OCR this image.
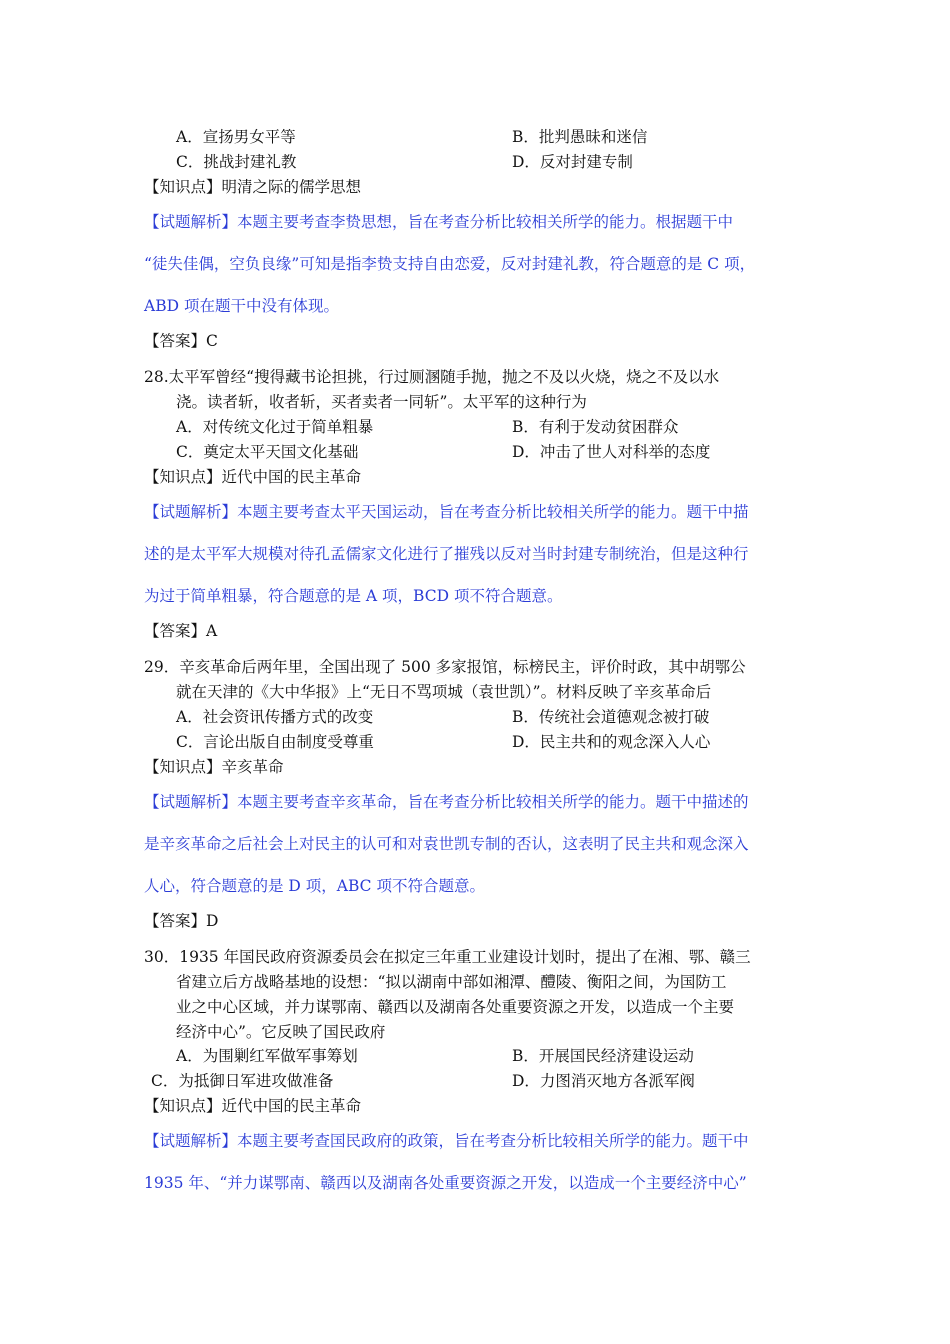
A．宣扬男女平等	B．批判愚昧和迷信
C．挑战封建礼教	D．反对封建专制
【知识点】明清之际的儒学思想
【试题解析】本题主要考查李贽思想，旨在考查分析比较相关所学的能力。根据题干中
“徒失佳偶，空负良缘”可知是指李贽支持自由恋爱，反对封建礼教，符合题意的是 C 项，
ABD 项在题干中没有体现。
【答案】C
28.太平军曾经“搜得藏书论担挑，行过厕溷随手抛，抛之不及以火烧，烧之不及以水
浇。读者斩，收者斩，买者卖者一同斩”。太平军的这种行为
A．对传统文化过于简单粗暴	B．有利于发动贫困群众
C．奠定太平天国文化基础	D．冲击了世人对科举的态度
【知识点】近代中国的民主革命
【试题解析】本题主要考查太平天国运动，旨在考查分析比较相关所学的能力。题干中描
述的是太平军大规模对待孔孟儒家文化进行了摧残以反对当时封建专制统治，但是这种行
为过于简单粗暴，符合题意的是 A 项，BCD 项不符合题意。
【答案】A
29．辛亥革命后两年里，全国出现了 500 多家报馆，标榜民主，评价时政，其中胡鄂公
就在天津的《大中华报》上“无日不骂项城（袁世凯）”。材料反映了辛亥革命后
A．社会资讯传播方式的改变	B．传统社会道德观念被打破
C．言论出版自由制度受尊重	D．民主共和的观念深入人心
【知识点】辛亥革命
【试题解析】本题主要考查辛亥革命，旨在考查分析比较相关所学的能力。题干中描述的
是辛亥革命之后社会上对民主的认可和对袁世凯专制的否认，这表明了民主共和观念深入
人心，符合题意的是 D 项，ABC 项不符合题意。
【答案】D
30．1935 年国民政府资源委员会在拟定三年重工业建设计划时，提出了在湘、鄂、赣三
省建立后方战略基地的设想：“拟以湖南中部如湘潭、醴陵、衡阳之间，为国防工
业之中心区域，并力谋鄂南、赣西以及湖南各处重要资源之开发，以造成一个主要
经济中心”。它反映了国民政府
A．为围剿红军做军事筹划	B．开展国民经济建设运动
C．为抵御日军进攻做准备	D．力图消灭地方各派军阀
【知识点】近代中国的民主革命
【试题解析】本题主要考查国民政府的政策，旨在考查分析比较相关所学的能力。题干中
1935 年、“并力谋鄂南、赣西以及湖南各处重要资源之开发，以造成一个主要经济中心”
